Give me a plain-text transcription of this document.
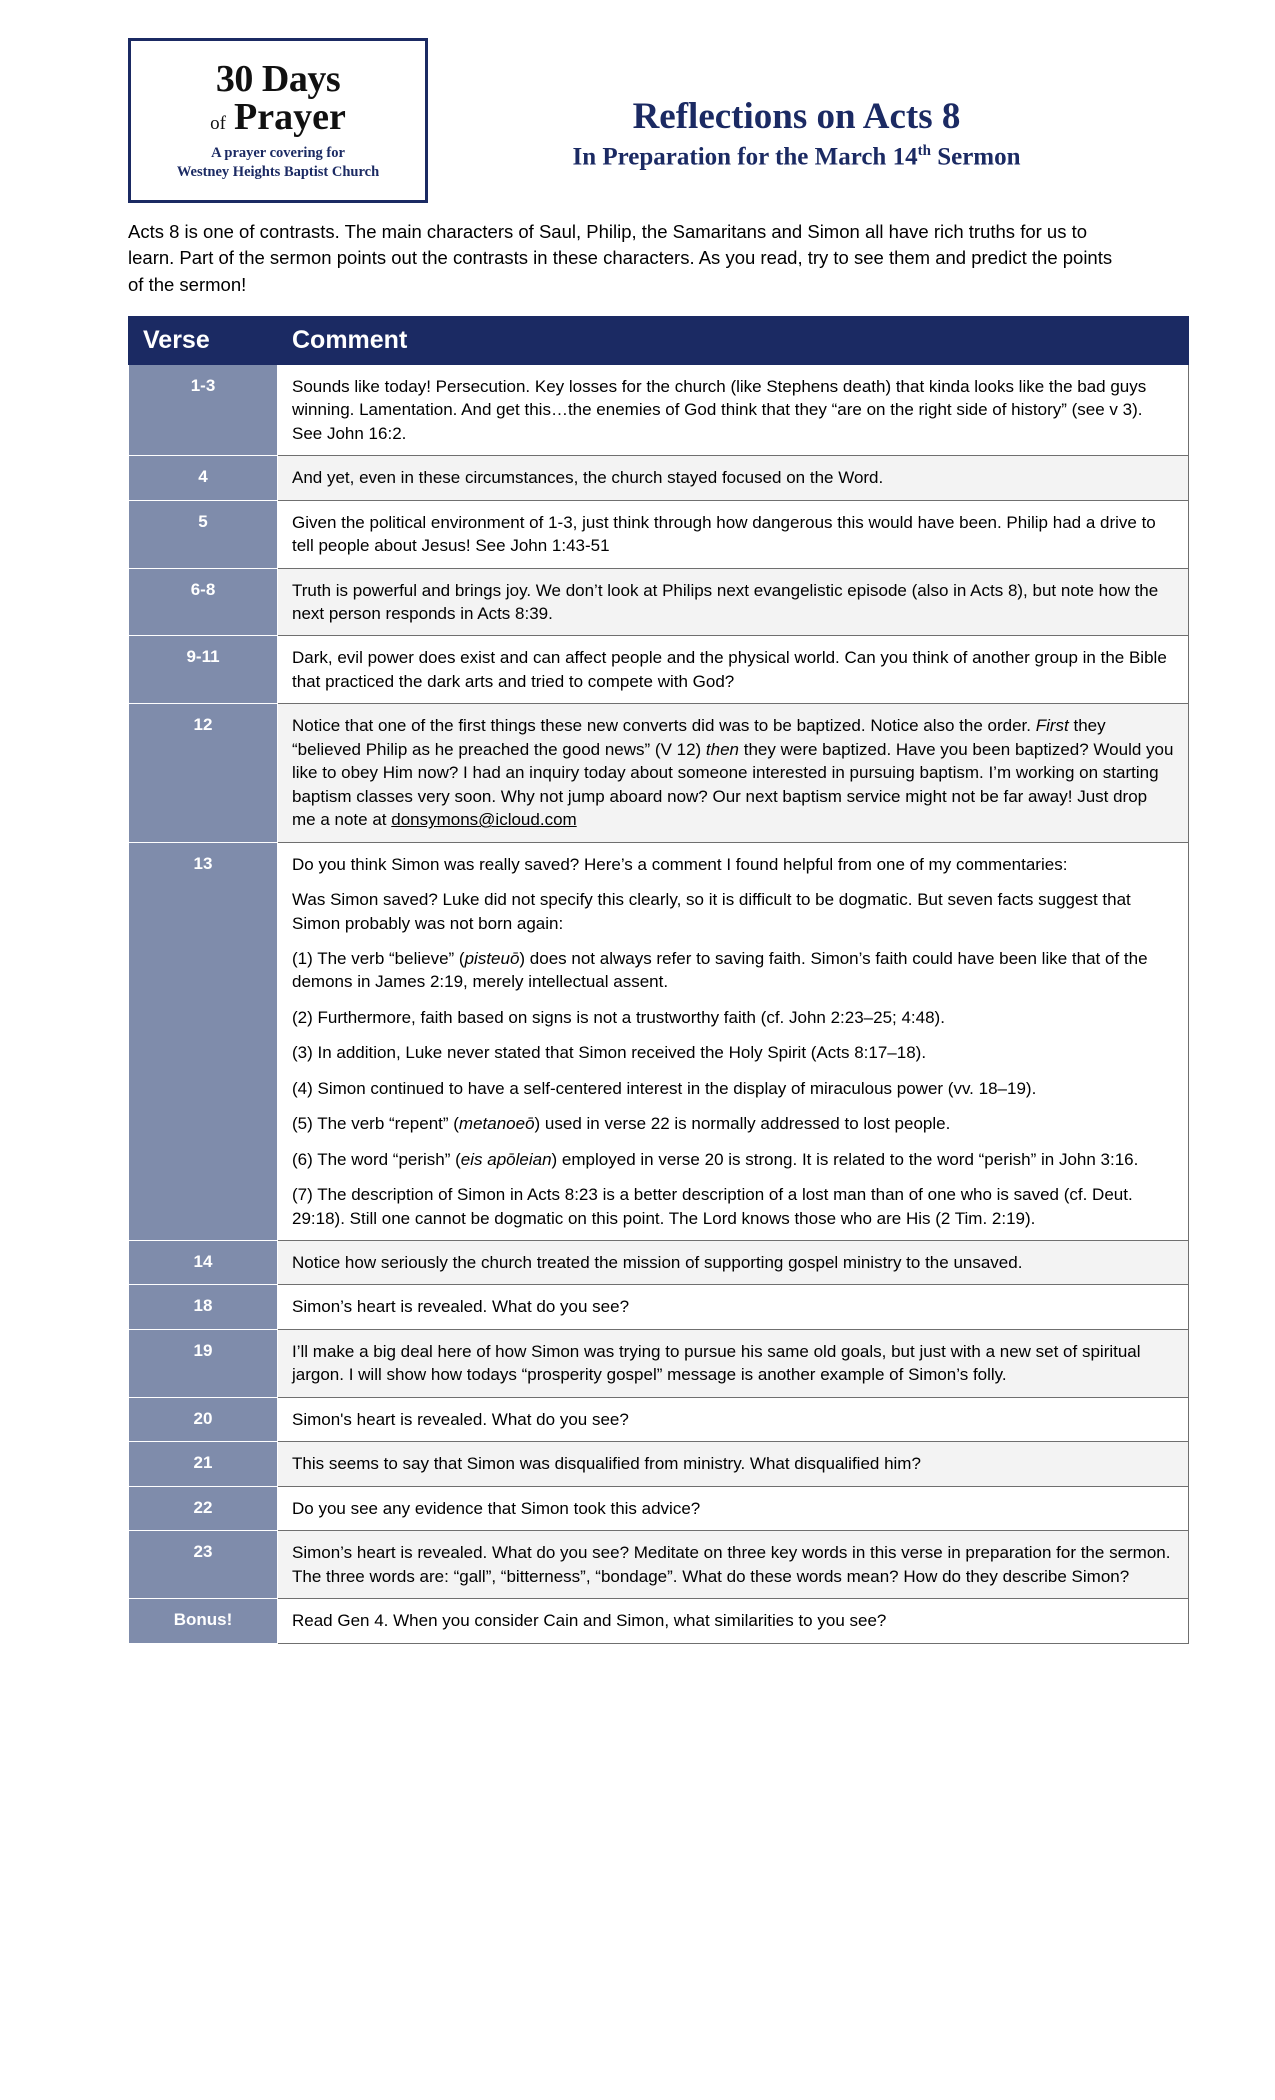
30 Days
of Prayer
A prayer covering for
Westney Heights Baptist Church
Reflections on Acts 8
In Preparation for the March 14th Sermon
Acts 8 is one of contrasts. The main characters of Saul, Philip, the Samaritans and Simon all have rich truths for us to learn. Part of the sermon points out the contrasts in these characters. As you read, try to see them and predict the points of the sermon!
Verse	Comment
1-3	Sounds like today! Persecution. Key losses for the church (like Stephens death) that kinda looks like the bad guys winning. Lamentation. And get this…the enemies of God think that they “are on the right side of history” (see v 3). See John 16:2.

4	And yet, even in these circumstances, the church stayed focused on the Word.

5	Given the political environment of 1-3, just think through how dangerous this would have been. Philip had a drive to tell people about Jesus! See John 1:43-51

6-8	Truth is powerful and brings joy. We don’t look at Philips next evangelistic episode (also in Acts 8), but note how the next person responds in Acts 8:39.

9-11	Dark, evil power does exist and can affect people and the physical world. Can you think of another group in the Bible that practiced the dark arts and tried to compete with God?

12	Notice that one of the first things these new converts did was to be baptized. Notice also the order. First they “believed Philip as he preached the good news” (V 12) then they were baptized. Have you been baptized? Would you like to obey Him now? I had an inquiry today about someone interested in pursuing baptism. I’m working on starting baptism classes very soon. Why not jump aboard now? Our next baptism service might not be far away! Just drop me a note at donsymons@icloud.com

13	Do you think Simon was really saved? Here’s a comment I found helpful from one of my commentaries:

Was Simon saved? Luke did not specify this clearly, so it is difficult to be dogmatic. But seven facts suggest that Simon probably was not born again:

(1) The verb “believe” (pisteuō) does not always refer to saving faith. Simon’s faith could have been like that of the demons in James 2:19, merely intellectual assent.

(2) Furthermore, faith based on signs is not a trustworthy faith (cf. John 2:23–25; 4:48).

(3) In addition, Luke never stated that Simon received the Holy Spirit (Acts 8:17–18).

(4) Simon continued to have a self-centered interest in the display of miraculous power (vv. 18–19).

(5) The verb “repent” (metanoeō) used in verse 22 is normally addressed to lost people.

(6) The word “perish” (eis apōleian) employed in verse 20 is strong. It is related to the word “perish” in John 3:16.

(7) The description of Simon in Acts 8:23 is a better description of a lost man than of one who is saved (cf. Deut. 29:18). Still one cannot be dogmatic on this point. The Lord knows those who are His (2 Tim. 2:19).

14	Notice how seriously the church treated the mission of supporting gospel ministry to the unsaved.

18	Simon’s heart is revealed. What do you see?

19	I’ll make a big deal here of how Simon was trying to pursue his same old goals, but just with a new set of spiritual jargon. I will show how todays “prosperity gospel” message is another example of Simon’s folly.

20	Simon's heart is revealed. What do you see?

21	This seems to say that Simon was disqualified from ministry. What disqualified him?

22	Do you see any evidence that Simon took this advice?

23	Simon’s heart is revealed. What do you see? Meditate on three key words in this verse in preparation for the sermon. The three words are: “gall”, “bitterness”, “bondage”. What do these words mean? How do they describe Simon?

Bonus!	Read Gen 4. When you consider Cain and Simon, what similarities to you see?
